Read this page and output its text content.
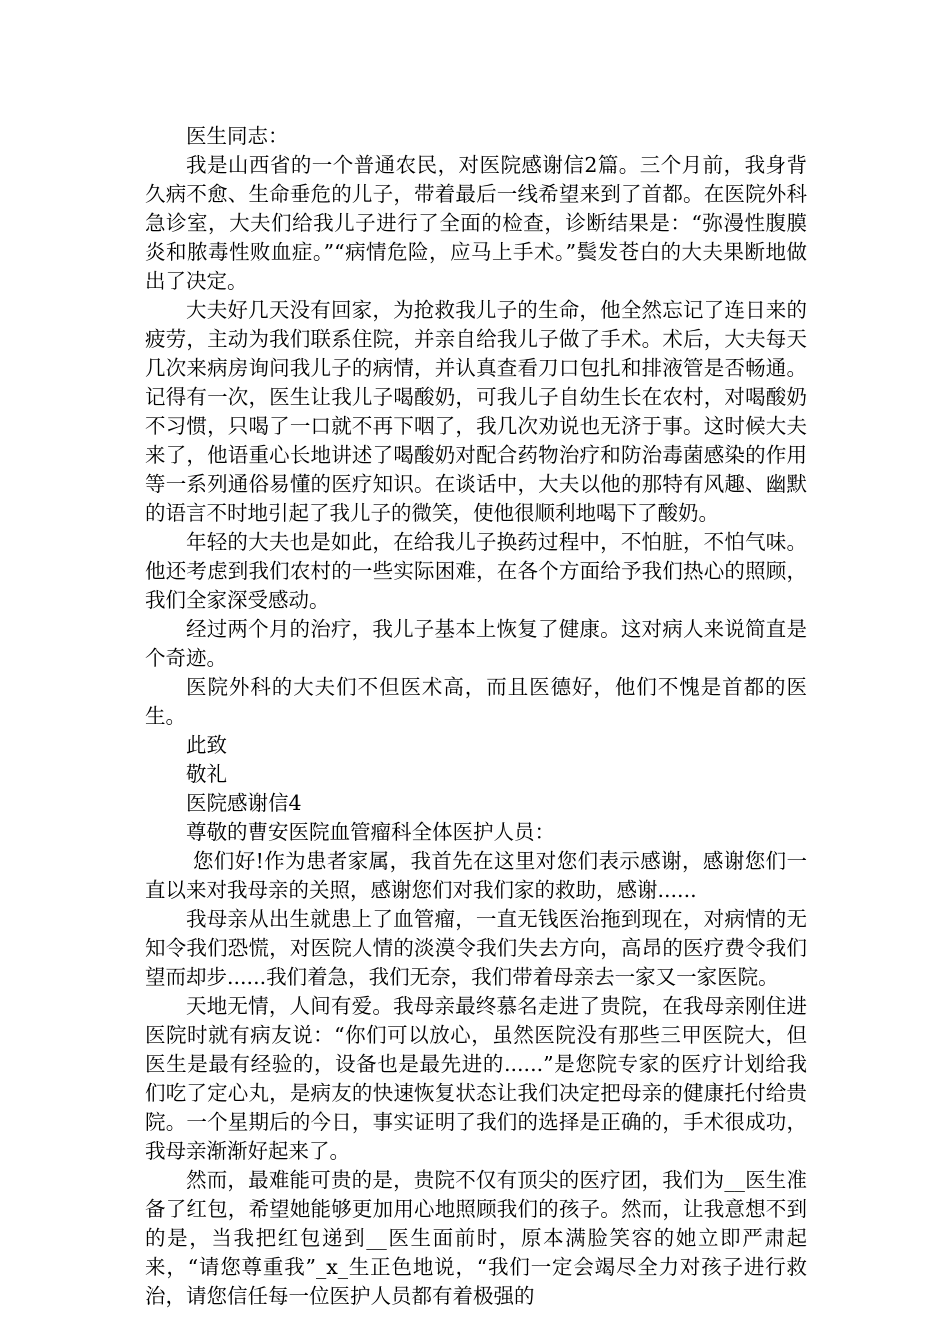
医生同志：

我是山西省的一个普通农民，对医院感谢信2篇。三个月前，我身背久病不愈、生命垂危的儿子，带着最后一线希望来到了首都。在医院外科急诊室，大夫们给我儿子进行了全面的检查，诊断结果是：“弥漫性腹膜炎和脓毒性败血症。”“病情危险，应马上手术。”鬓发苍白的大夫果断地做出了决定。

大夫好几天没有回家，为抢救我儿子的生命，他全然忘记了连日来的疲劳，主动为我们联系住院，并亲自给我儿子做了手术。术后，大夫每天几次来病房询问我儿子的病情，并认真查看刀口包扎和排液管是否畅通。记得有一次，医生让我儿子喝酸奶，可我儿子自幼生长在农村，对喝酸奶不习惯，只喝了一口就不再下咽了，我几次劝说也无济于事。这时候大夫来了，他语重心长地讲述了喝酸奶对配合药物治疗和防治毒菌感染的作用等一系列通俗易懂的医疗知识。在谈话中，大夫以他的那特有风趣、幽默的语言不时地引起了我儿子的微笑，使他很顺利地喝下了酸奶。

年轻的大夫也是如此，在给我儿子换药过程中，不怕脏，不怕气味。他还考虑到我们农村的一些实际困难，在各个方面给予我们热心的照顾，我们全家深受感动。

经过两个月的治疗，我儿子基本上恢复了健康。这对病人来说简直是个奇迹。

医院外科的大夫们不但医术高，而且医德好，他们不愧是首都的医生。

此致

敬礼

医院感谢信4

尊敬的曹安医院血管瘤科全体医护人员：

您们好!作为患者家属，我首先在这里对您们表示感谢，感谢您们一直以来对我母亲的关照，感谢您们对我们家的救助，感谢......

我母亲从出生就患上了血管瘤，一直无钱医治拖到现在，对病情的无知令我们恐慌，对医院人情的淡漠令我们失去方向，高昂的医疗费令我们望而却步......我们着急，我们无奈，我们带着母亲去一家又一家医院。

天地无情，人间有爱。我母亲最终慕名走进了贵院，在我母亲刚住进医院时就有病友说：“你们可以放心，虽然医院没有那些三甲医院大，但医生是最有经验的，设备也是最先进的......”是您院专家的医疗计划给我们吃了定心丸，是病友的快速恢复状态让我们决定把母亲的健康托付给贵院。一个星期后的今日，事实证明了我们的选择是正确的，手术很成功，我母亲渐渐好起来了。

然而，最难能可贵的是，贵院不仅有顶尖的医疗团，我们为__医生准备了红包，希望她能够更加用心地照顾我们的孩子。然而，让我意想不到的是，当我把红包递到__医生面前时，原本满脸笑容的她立即严肃起来，“请您尊重我”_x_生正色地说，“我们一定会竭尽全力对孩子进行救治，请您信任每一位医护人员都有着极强的
